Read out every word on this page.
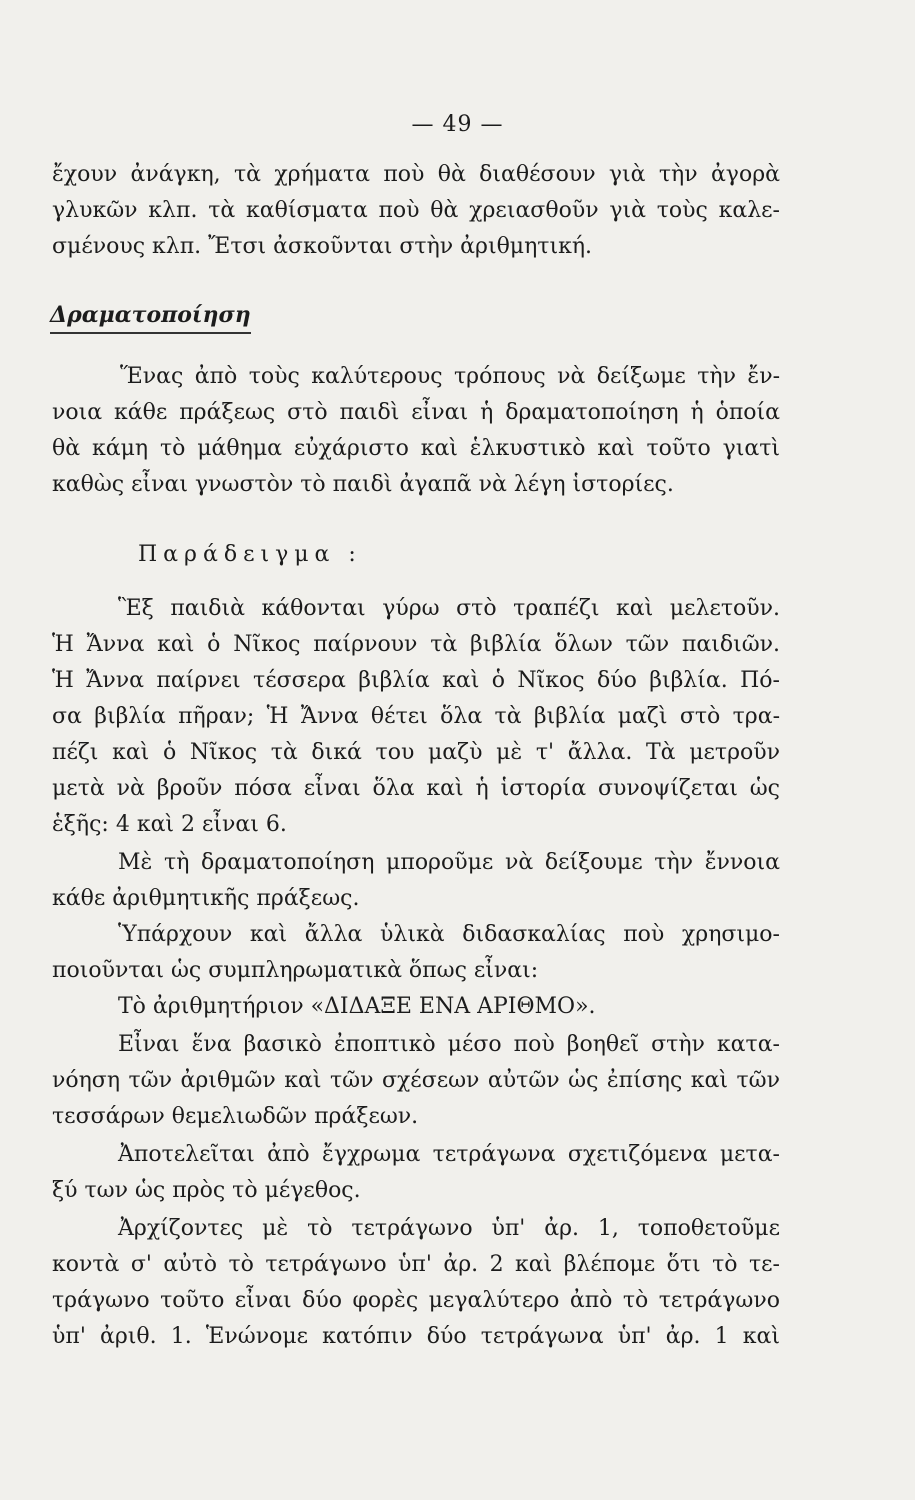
— 49 —
ἔχουν ἀνάγκη, τὰ χρήματα ποὺ θὰ διαθέσουν γιὰ τὴν ἀγορὰ
γλυκῶν κλπ. τὰ καθίσματα ποὺ θὰ χρειασθοῦν γιὰ τοὺς καλε-
σμένους κλπ. Ἔτσι ἀσκοῦνται στὴν ἀριθμητική.
Δραματοποίηση
Ἕνας ἀπὸ τοὺς καλύτερους τρόπους νὰ δείξωμε τὴν ἔν-
νοια κάθε πράξεως στὸ παιδὶ εἶναι ἡ δραματοποίηση ἡ ὁποία
θὰ κάμη τὸ μάθημα εὐχάριστο καὶ ἑλκυστικὸ καὶ τοῦτο γιατὶ
καθὼς εἶναι γνωστὸν τὸ παιδὶ ἀγαπᾶ νὰ λέγη ἱστορίες.
Παράδειγμα :
Ἓξ παιδιὰ κάθονται γύρω στὸ τραπέζι καὶ μελετοῦν.
Ἡ Ἄννα καὶ ὁ Νῖκος παίρνουν τὰ βιβλία ὅλων τῶν παιδιῶν.
Ἡ Ἄννα παίρνει τέσσερα βιβλία καὶ ὁ Νῖκος δύο βιβλία. Πό-
σα βιβλία πῆραν; Ἡ Ἄννα θέτει ὅλα τὰ βιβλία μαζὶ στὸ τρα-
πέζι καὶ ὁ Νῖκος τὰ δικά του μαζὺ μὲ τ' ἄλλα. Τὰ μετροῦν
μετὰ νὰ βροῦν πόσα εἶναι ὅλα καὶ ἡ ἱστορία συνοψίζεται ὡς
ἑξῆς: 4 καὶ 2 εἶναι 6.
Μὲ τὴ δραματοποίηση μποροῦμε νὰ δείξουμε τὴν ἔννοια
κάθε ἀριθμητικῆς πράξεως.
Ὑπάρχουν καὶ ἄλλα ὑλικὰ διδασκαλίας ποὺ χρησιμο-
ποιοῦνται ὡς συμπληρωματικὰ ὅπως εἶναι:
Τὸ ἀριθμητήριον «ΔΙΔΑΞΕ ΕΝΑ ΑΡΙΘΜΟ».
Εἶναι ἕνα βασικὸ ἐποπτικὸ μέσο ποὺ βοηθεῖ στὴν κατα-
νόηση τῶν ἀριθμῶν καὶ τῶν σχέσεων αὐτῶν ὡς ἐπίσης καὶ τῶν
τεσσάρων θεμελιωδῶν πράξεων.
Ἀποτελεῖται ἀπὸ ἔγχρωμα τετράγωνα σχετιζόμενα μετα-
ξύ των ὡς πρὸς τὸ μέγεθος.
Ἀρχίζοντες μὲ τὸ τετράγωνο ὑπ' ἀρ. 1, τοποθετοῦμε
κοντὰ σ' αὐτὸ τὸ τετράγωνο ὑπ' ἀρ. 2 καὶ βλέπομε ὅτι τὸ τε-
τράγωνο τοῦτο εἶναι δύο φορὲς μεγαλύτερο ἀπὸ τὸ τετράγωνο
ὑπ' ἀριθ. 1. Ἑνώνομε κατόπιν δύο τετράγωνα ὑπ' ἀρ. 1 καὶ
